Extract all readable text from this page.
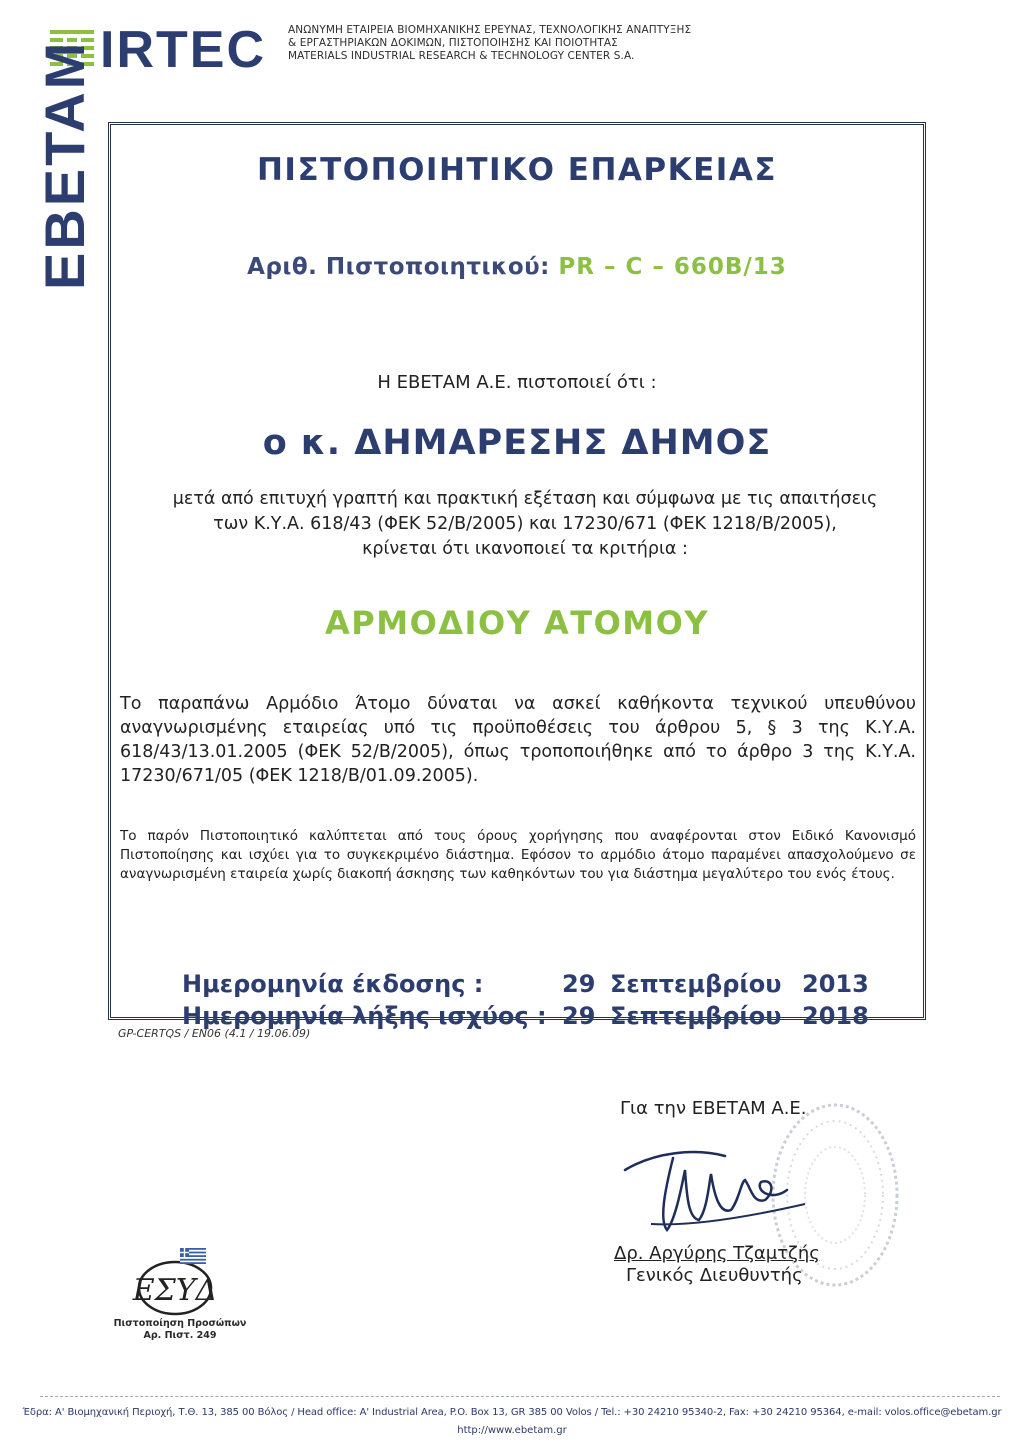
IRTEC
EBETAM
ΑΝΩΝΥΜΗ ΕΤΑΙΡΕΙΑ ΒΙΟΜΗΧΑΝΙΚΗΣ ΕΡΕΥΝΑΣ, ΤΕΧΝΟΛΟΓΙΚΗΣ ΑΝΑΠΤΥΞΗΣ
& ΕΡΓΑΣΤΗΡΙΑΚΩΝ ΔΟΚΙΜΩΝ, ΠΙΣΤΟΠΟΙΗΣΗΣ ΚΑΙ ΠΟΙΟΤΗΤΑΣ
MATERIALS INDUSTRIAL RESEARCH & TECHNOLOGY CENTER S.A.
ΠΙΣΤΟΠΟΙΗΤΙΚΟ ΕΠΑΡΚΕΙΑΣ
Αριθ. Πιστοποιητικού: PR – C – 660B/13
Η ΕΒΕΤΑΜ Α.Ε. πιστοποιεί ότι :
ο κ. ΔΗΜΑΡΕΣΗΣ ΔΗΜΟΣ
μετά από επιτυχή γραπτή και πρακτική εξέταση και σύμφωνα με τις απαιτήσεις
των Κ.Υ.Α. 618/43 (ΦΕΚ 52/Β/2005) και 17230/671 (ΦΕΚ 1218/Β/2005),
κρίνεται ότι ικανοποιεί τα κριτήρια :
ΑΡΜΟΔΙΟΥ ΑΤΟΜΟΥ
Το παραπάνω Αρμόδιο Άτομο δύναται να ασκεί καθήκοντα τεχνικού υπευθύνου αναγνωρισμένης εταιρείας υπό τις προϋποθέσεις του άρθρου 5, § 3 της Κ.Υ.Α. 618/43/13.01.2005 (ΦΕΚ 52/Β/2005), όπως τροποποιήθηκε από το άρθρο 3 της Κ.Υ.Α. 17230/671/05 (ΦΕΚ 1218/Β/01.09.2005).
Το παρόν Πιστοποιητικό καλύπτεται από τους όρους χορήγησης που αναφέρονται στον Ειδικό Κανονισμό Πιστοποίησης και ισχύει για το συγκεκριμένο διάστημα. Εφόσον το αρμόδιο άτομο παραμένει απασχολούμενο σε αναγνωρισμένη εταιρεία χωρίς διακοπή άσκησης των καθηκόντων του για διάστημα μεγαλύτερο του ενός έτους.
Ημερομηνία έκδοσης :	29 Σεπτεμβρίου 2013
Ημερομηνία λήξης ισχύος : 29 Σεπτεμβρίου 2018
Για την ΕΒΕΤΑΜ Α.Ε.
Δρ. Αργύρης Τζαμτζής
Γενικός Διευθυντής
ΕΣΥΔ
Πιστοποίηση Προσώπων
Αρ. Πιστ. 249
GP-CERTQS / EN06 (4.1 / 19.06.09)
Έδρα: Α' Βιομηχανική Περιοχή, Τ.Θ. 13, 385 00 Βόλος / Head office: A' Industrial Area, P.O. Box 13, GR 385 00 Volos / Tel.: +30 24210 95340-2, Fax: +30 24210 95364, e-mail: volos.office@ebetam.gr
http://www.ebetam.gr
